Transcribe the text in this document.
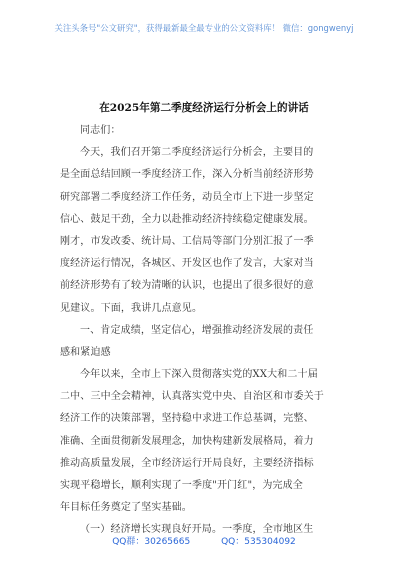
关注头条号"公文研究"，获得最新最全最专业的公文资料库！ 微信：gongwenyj
在2025年第二季度经济运行分析会上的讲话
同志们：
今天，我们召开第二季度经济运行分析会，主要目的
是全面总结回顾一季度经济工作，深入分析当前经济形势
研究部署二季度经济工作任务，动员全市上下进一步坚定
信心、鼓足干劲，全力以赴推动经济持续稳定健康发展。
刚才，市发改委、统计局、工信局等部门分别汇报了一季
度经济运行情况，各城区、开发区也作了发言，大家对当
前经济形势有了较为清晰的认识，也提出了很多很好的意
见建议。下面，我讲几点意见。
一、肯定成绩，坚定信心，增强推动经济发展的责任
感和紧迫感
今年以来，全市上下深入贯彻落实党的XX大和二十届
二中、三中全会精神，认真落实党中央、自治区和市委关于
经济工作的决策部署，坚持稳中求进工作总基调，完整、
准确、全面贯彻新发展理念，加快构建新发展格局，着力
推动高质量发展，全市经济运行开局良好，主要经济指标
实现平稳增长，顺利实现了一季度"开门红"，为完成全
年目标任务奠定了坚实基础。
（一）经济增长实现良好开局。一季度，全市地区生
QQ群：30265665	QQ：535304092
